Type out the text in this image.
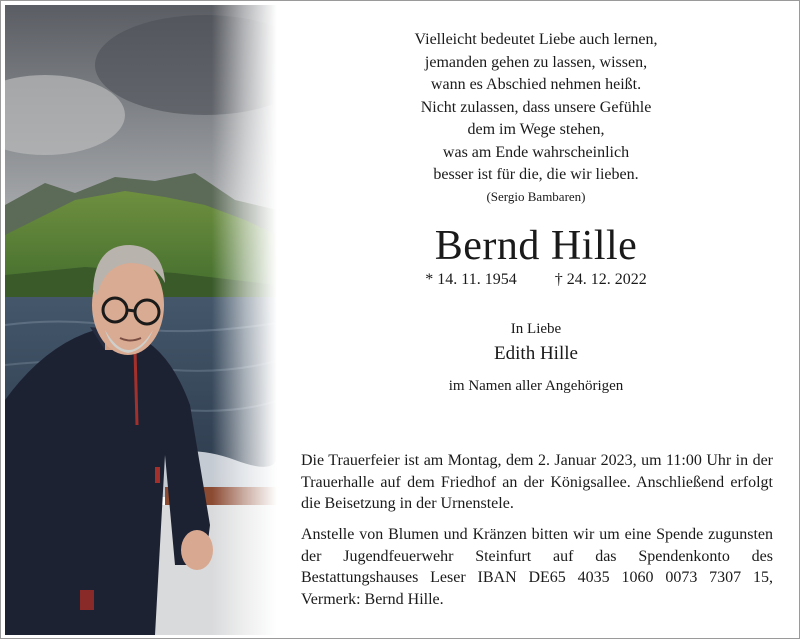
Vielleicht bedeutet Liebe auch lernen,
jemanden gehen zu lassen, wissen,
wann es Abschied nehmen heißt.
Nicht zulassen, dass unsere Gefühle
dem im Wege stehen,
was am Ende wahrscheinlich
besser ist für die, die wir lieben.
(Sergio Bambaren)
Bernd Hille
* 14. 11. 1954 † 24. 12. 2022
In Liebe
Edith Hille
im Namen aller Angehörigen
Die Trauerfeier ist am Montag, dem 2. Januar 2023, um 11:00 Uhr in der Trauerhalle auf dem Friedhof an der Königsallee. Anschließend erfolgt die Beisetzung in der Urnenstele.
Anstelle von Blumen und Kränzen bitten wir um eine Spende zugunsten der Jugendfeuerwehr Steinfurt auf das Spendenkonto des Bestattungshauses Leser IBAN DE65 4035 1060 0073 7307 15, Vermerk: Bernd Hille.
